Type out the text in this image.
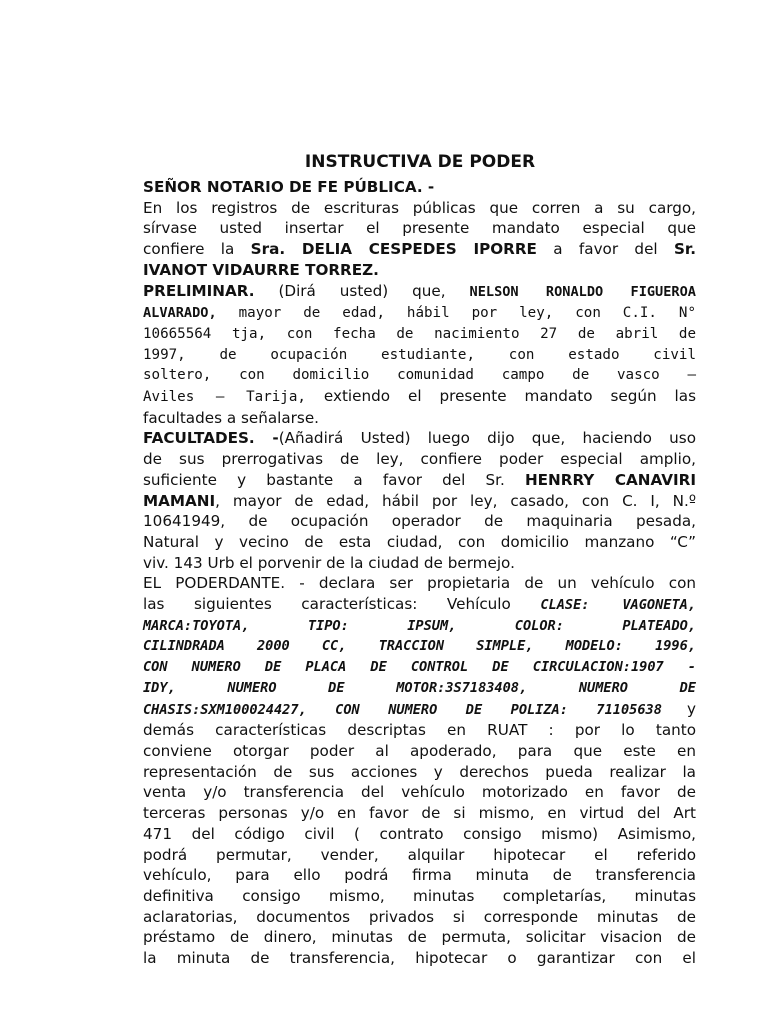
INSTRUCTIVA DE PODER

SEÑOR NOTARIO DE FE PÚBLICA. -

En los registros de escrituras públicas que corren a su cargo,

sírvase usted insertar el presente mandato especial que

confiere la Sra. DELIA CESPEDES IPORRE a favor del Sr.

IVANOT VIDAURRE TORREZ.

PRELIMINAR. (Dirá usted) que, NELSON RONALDO FIGUEROA

ALVARADO, mayor de edad, hábil por ley, con C.I. N°

10665564 tja, con fecha de nacimiento 27 de abril de

1997, de ocupación estudiante, con estado civil

soltero, con domicilio comunidad campo de vasco –

Aviles – Tarija, extiendo el presente mandato según las

facultades a señalarse.

FACULTADES. -(Añadirá Usted) luego dijo que, haciendo uso

de sus prerrogativas de ley, confiere poder especial amplio,

suficiente y bastante a favor del Sr. HENRRY CANAVIRI

MAMANI, mayor de edad, hábil por ley, casado, con C. I, N.º

10641949, de ocupación operador de maquinaria pesada,

Natural y vecino de esta ciudad, con domicilio manzano “C”

viv. 143 Urb el porvenir de la ciudad de bermejo.

EL PODERDANTE. - declara ser propietaria de un vehículo con

las siguientes características: Vehículo CLASE: VAGONETA,

MARCA:TOYOTA, TIPO: IPSUM, COLOR: PLATEADO,

CILINDRADA 2000 CC, TRACCION SIMPLE, MODELO: 1996,

CON NUMERO DE PLACA DE CONTROL DE CIRCULACION:1907 -

IDY, NUMERO DE MOTOR:3S7183408, NUMERO DE

CHASIS:SXM100024427, CON NUMERO DE POLIZA: 71105638 y

demás características descriptas en RUAT : por lo tanto

conviene otorgar poder al apoderado, para que este en

representación de sus acciones y derechos pueda realizar la

venta y/o transferencia del vehículo motorizado en favor de

terceras personas y/o en favor de si mismo, en virtud del Art

471 del código civil ( contrato consigo mismo) Asimismo,

podrá permutar, vender, alquilar hipotecar el referido

vehículo, para ello podrá firma minuta de transferencia

definitiva consigo mismo, minutas completarías, minutas

aclaratorias, documentos privados si corresponde minutas de

préstamo de dinero, minutas de permuta, solicitar visacion de

la minuta de transferencia, hipotecar o garantizar con el
